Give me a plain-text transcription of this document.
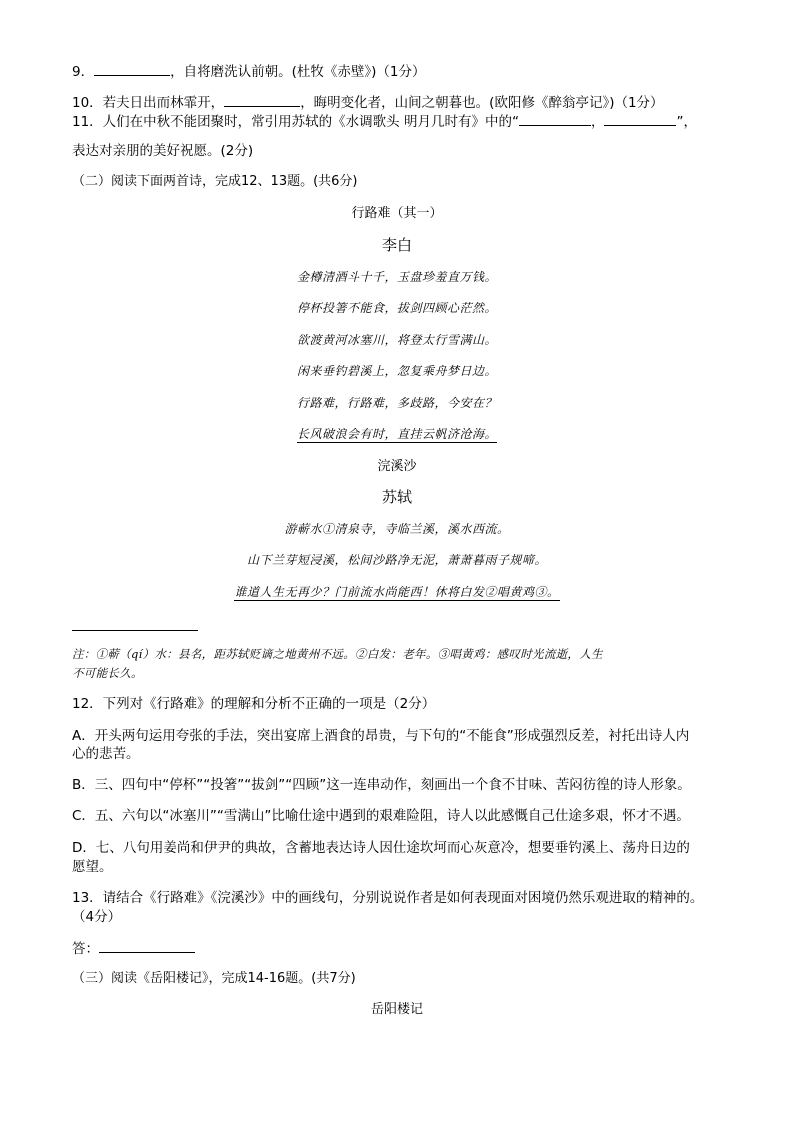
9．	，自将磨洗认前朝。(杜牧《赤壁》)（1分）
10．若夫日出而林霏开，	，晦明变化者，山间之朝暮也。(欧阳修《醉翁亭记》)（1分）
11．人们在中秋不能团聚时，常引用苏轼的《水调歌头 明月几时有》中的“	，	”，
表达对亲朋的美好祝愿。(2分)
（二）阅读下面两首诗，完成12、13题。(共6分)
行路难（其一）
李白
金樽清酒斗十千，玉盘珍羞直万钱。
停杯投箸不能食，拔剑四顾心茫然。
欲渡黄河冰塞川，将登太行雪满山。
闲来垂钓碧溪上，忽复乘舟梦日边。
行路难，行路难，多歧路，今安在？
长风破浪会有时，直挂云帆济沧海。
浣溪沙
苏轼
游蕲水①清泉寺，寺临兰溪，溪水西流。
山下兰芽短浸溪，松间沙路净无泥，萧萧暮雨子规啼。
谁道人生无再少？门前流水尚能西！休将白发②唱黄鸡③。
注：①蕲（qí）水：县名，距苏轼贬谪之地黄州不远。②白发：老年。③唱黄鸡：感叹时光流逝，人生
不可能长久。
12．下列对《行路难》的理解和分析不正确的一项是（2分）
A．开头两句运用夸张的手法，突出宴席上酒食的昂贵，与下句的“不能食”形成强烈反差，衬托出诗人内
心的悲苦。
B．三、四句中“停杯”“投箸”“拔剑”“四顾”这一连串动作，刻画出一个食不甘味、苦闷彷徨的诗人形象。
C．五、六句以“冰塞川”“雪满山”比喻仕途中遇到的艰难险阻，诗人以此感慨自己仕途多艰，怀才不遇。
D．七、八句用姜尚和伊尹的典故，含蓄地表达诗人因仕途坎坷而心灰意冷，想要垂钓溪上、荡舟日边的
愿望。
13．请结合《行路难》《浣溪沙》中的画线句，分别说说作者是如何表现面对困境仍然乐观进取的精神的。
（4分）
答：
（三）阅读《岳阳楼记》，完成14-16题。(共7分)
岳阳楼记
